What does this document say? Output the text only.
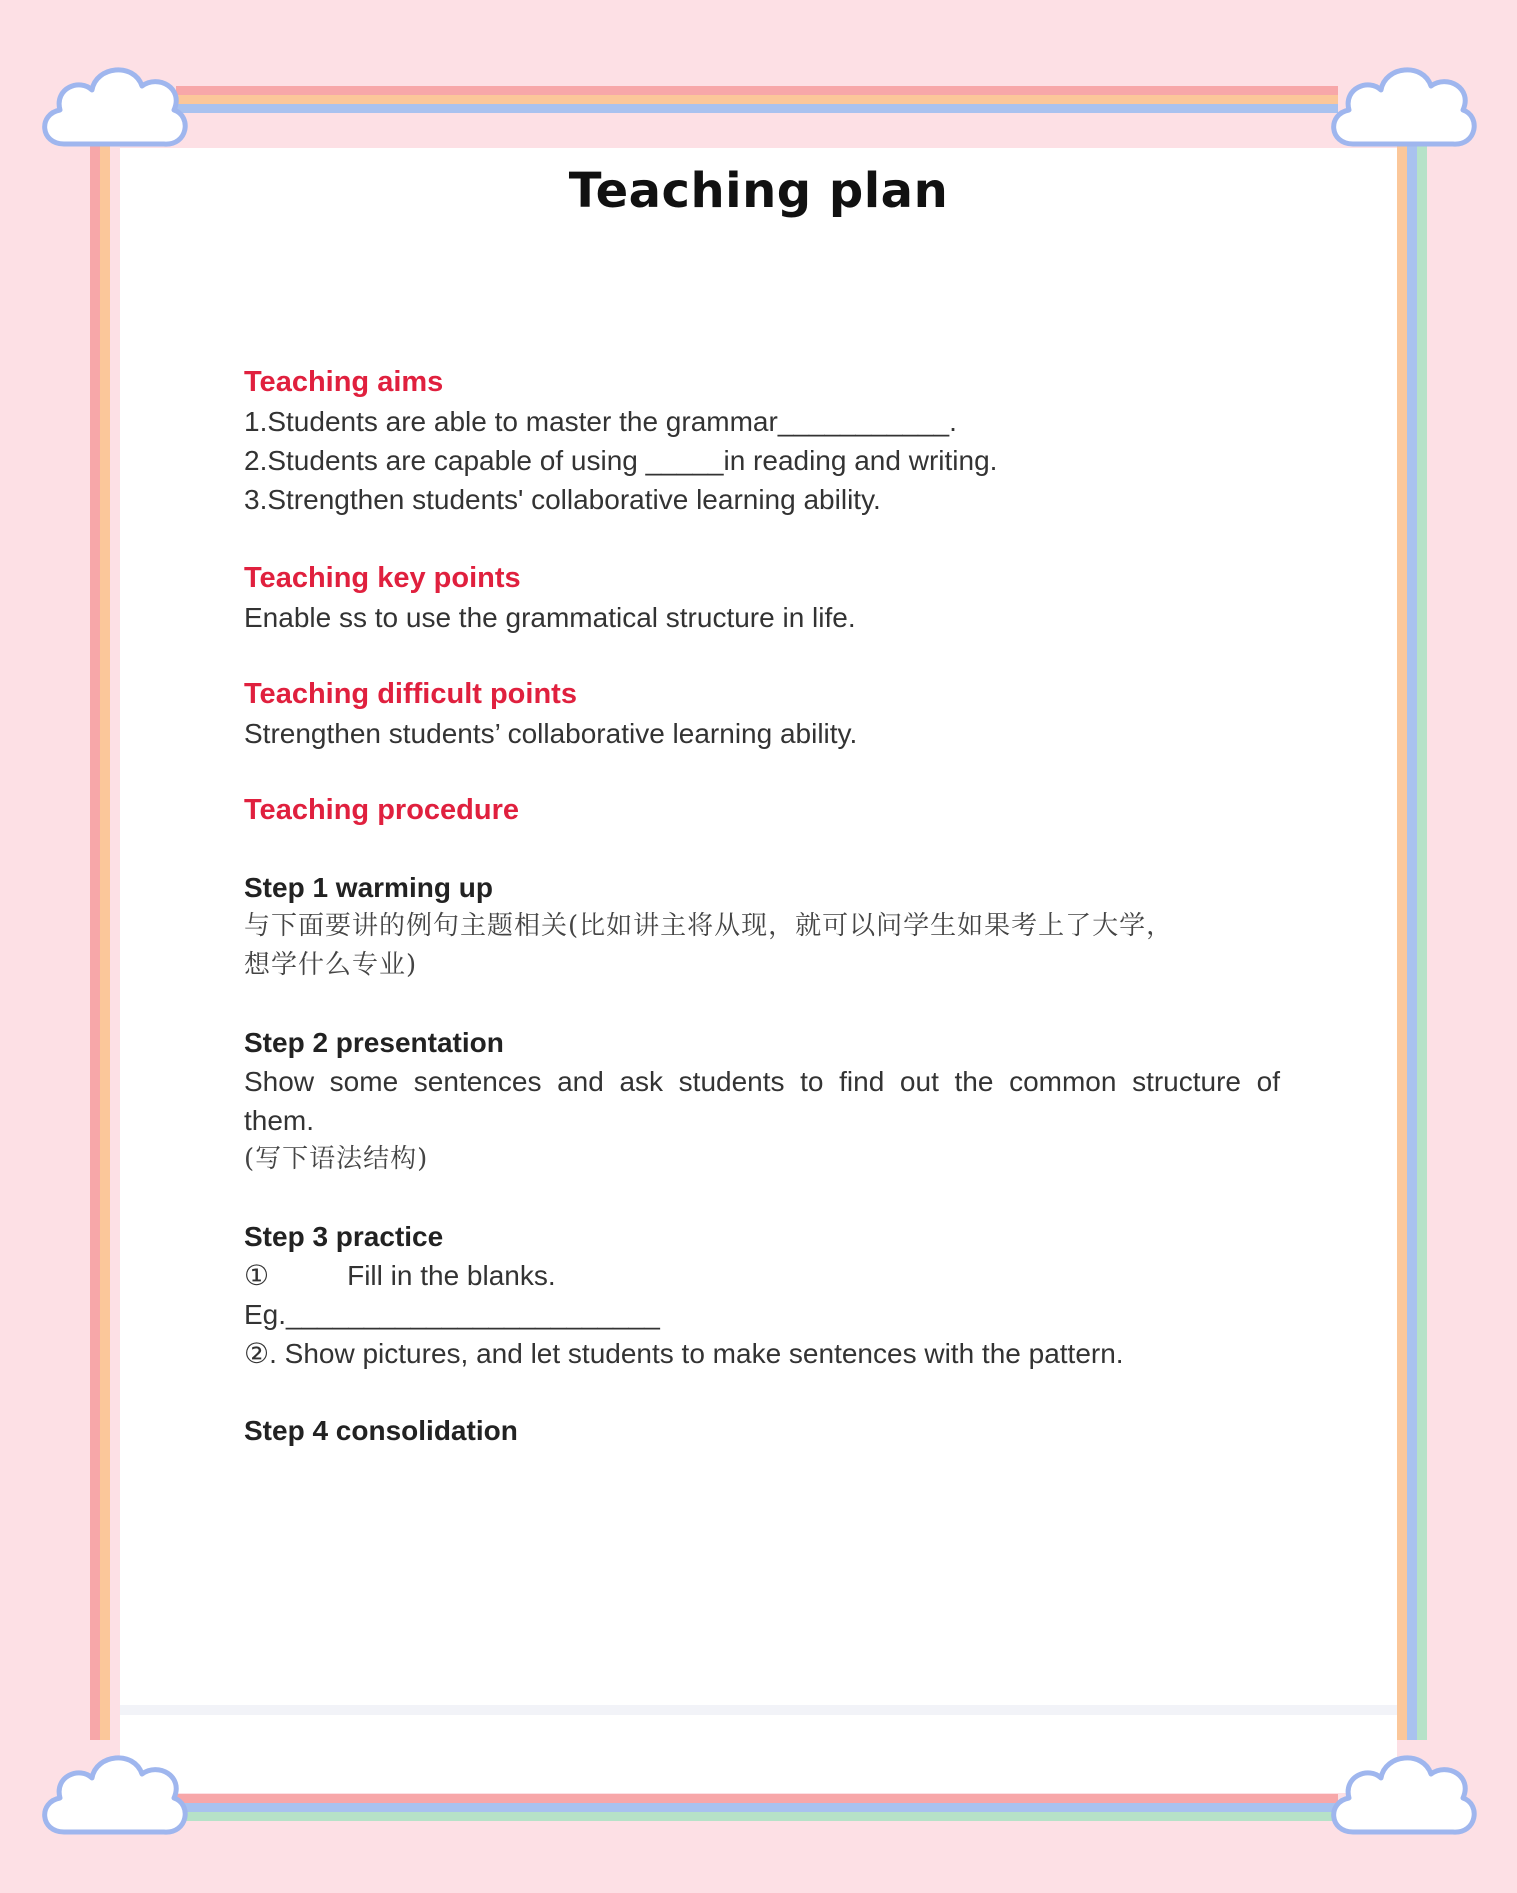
Teaching plan
Teaching aims
1.Students are able to master the grammar___________.
2.Students are capable of using _____in reading and writing.
3.Strengthen students' collaborative learning ability.
Teaching key points
Enable ss to use the grammatical structure in life.
Teaching difficult points
Strengthen students’ collaborative learning ability.
Teaching procedure
Step 1 warming up
与下面要讲的例句主题相关(比如讲主将从现，就可以问学生如果考上了大学，
想学什么专业)
Step 2 presentation
Show some sentences and ask students to find out the common structure of
them.
(写下语法结构)
Step 3 practice
①	Fill in the blanks.
Eg.________________________
②. Show pictures, and let students to make sentences with the pattern.
Step 4 consolidation
